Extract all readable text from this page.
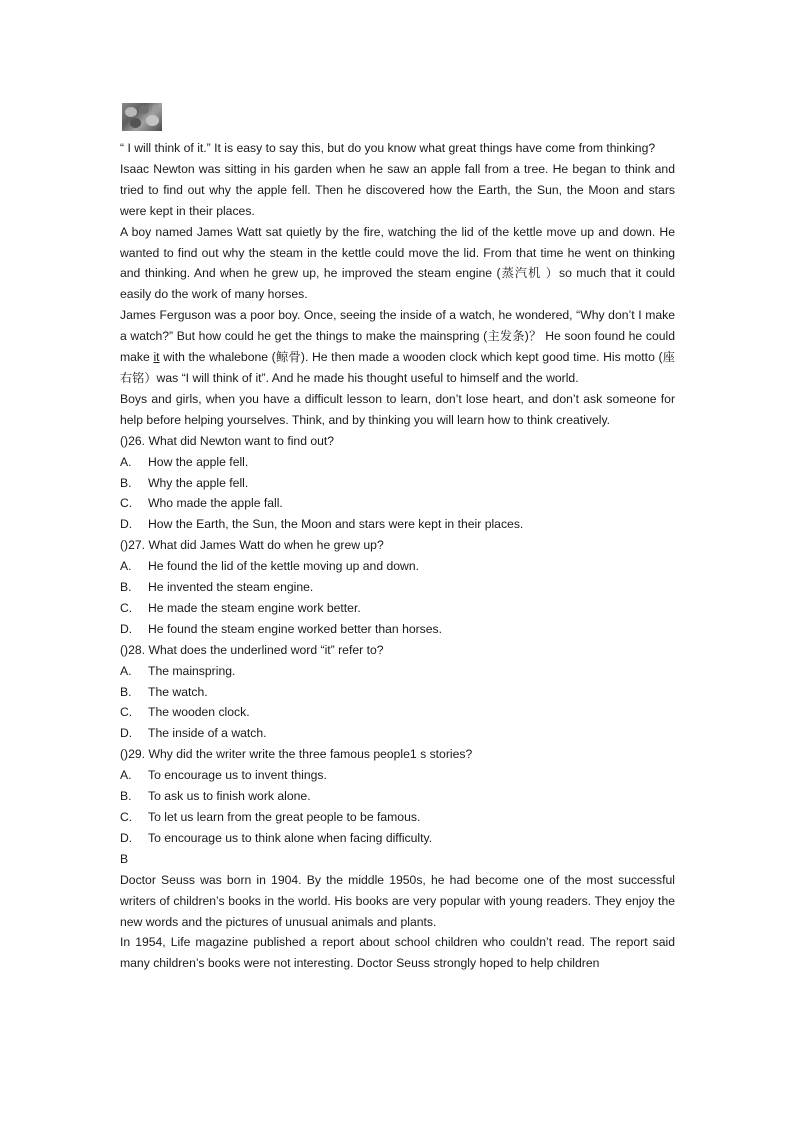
“ I will think of it.” It is easy to say this, but do you know what great things have come from thinking?

Isaac Newton was sitting in his garden when he saw an apple fall from a tree. He began to think and tried to find out why the apple fell. Then he discovered how the Earth, the Sun, the Moon and stars were kept in their places.

A boy named James Watt sat quietly by the fire, watching the lid of the kettle move up and down. He wanted to find out why the steam in the kettle could move the lid. From that time he went on thinking and thinking. And when he grew up, he improved the steam engine (蒸汽机 ）so much that it could easily do the work of many horses.

James Ferguson was a poor boy. Once, seeing the inside of a watch, he wondered, “Why don’t I make a watch?” But how could he get the things to make the mainspring (主发条)？ He soon found he could make it with the whalebone (鲸骨). He then made a wooden clock which kept good time. His motto (座右铭）was “I will think of it”. And he made his thought useful to himself and the world.

Boys and girls, when you have a difficult lesson to learn, don’t lose heart, and don’t ask someone for help before helping yourselves. Think, and by thinking you will learn how to think creatively.

()26. What did Newton want to find out?

A.	How the apple fell.

B.	Why the apple fell.

C.	Who made the apple fall.

D.	How the Earth, the Sun, the Moon and stars were kept in their places.

()27. What did James Watt do when he grew up?

A.	He found the lid of the kettle moving up and down.

B.	He invented the steam engine.

C.	He made the steam engine work better.

D.	He found the steam engine worked better than horses.

()28. What does the underlined word “it” refer to?

A.	The mainspring.

B.	The watch.

C.	The wooden clock.

D.	The inside of a watch.

()29. Why did the writer write the three famous people1 s stories?

A.	To encourage us to invent things.

B.	To ask us to finish work alone.

C.	To let us learn from the great people to be famous.

D.	To encourage us to think alone when facing difficulty.

B

Doctor Seuss was born in 1904. By the middle 1950s, he had become one of the most successful writers of children’s books in the world. His books are very popular with young readers. They enjoy the new words and the pictures of unusual animals and plants.

In 1954, Life magazine published a report about school children who couldn’t read. The report said many children’s books were not interesting. Doctor Seuss strongly hoped to help children
